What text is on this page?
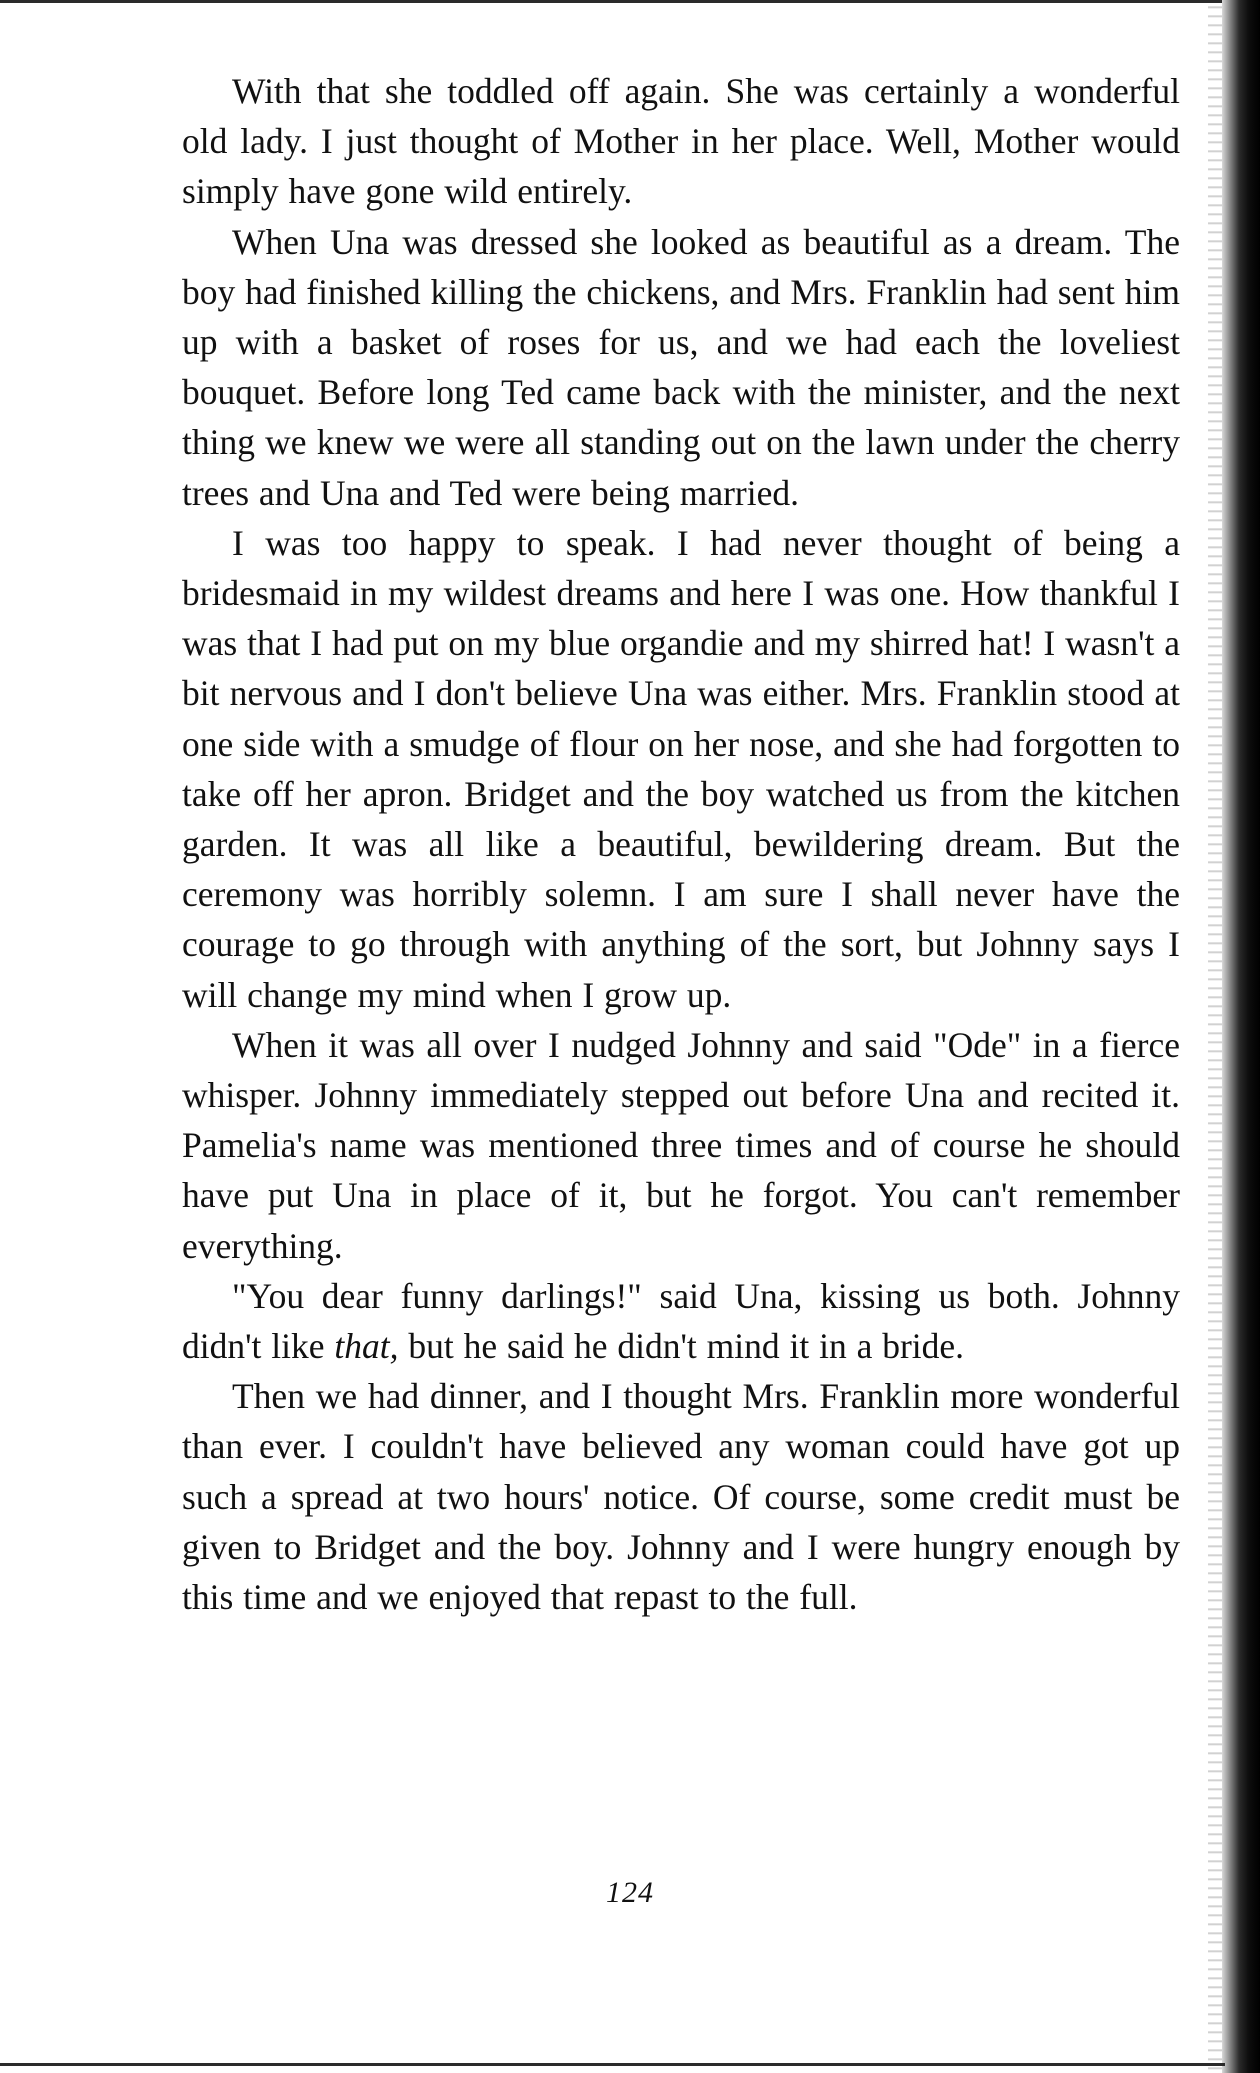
With that she toddled off again. She was certainly a wonderful old lady. I just thought of Mother in her place. Well, Mother would simply have gone wild entirely.

When Una was dressed she looked as beautiful as a dream. The boy had finished killing the chickens, and Mrs. Franklin had sent him up with a basket of roses for us, and we had each the loveliest bouquet. Before long Ted came back with the minister, and the next thing we knew we were all standing out on the lawn under the cherry trees and Una and Ted were being married.

I was too happy to speak. I had never thought of being a bridesmaid in my wildest dreams and here I was one. How thankful I was that I had put on my blue organdie and my shirred hat! I wasn't a bit nervous and I don't believe Una was either. Mrs. Franklin stood at one side with a smudge of flour on her nose, and she had forgotten to take off her apron. Bridget and the boy watched us from the kitchen garden. It was all like a beautiful, bewildering dream. But the ceremony was horribly solemn. I am sure I shall never have the courage to go through with anything of the sort, but Johnny says I will change my mind when I grow up.

When it was all over I nudged Johnny and said "Ode" in a fierce whisper. Johnny immediately stepped out before Una and recited it. Pamelia's name was mentioned three times and of course he should have put Una in place of it, but he forgot. You can't remember everything.

"You dear funny darlings!" said Una, kissing us both. Johnny didn't like that, but he said he didn't mind it in a bride.

Then we had dinner, and I thought Mrs. Franklin more wonderful than ever. I couldn't have believed any woman could have got up such a spread at two hours' notice. Of course, some credit must be given to Bridget and the boy. Johnny and I were hungry enough by this time and we enjoyed that repast to the full.

124
